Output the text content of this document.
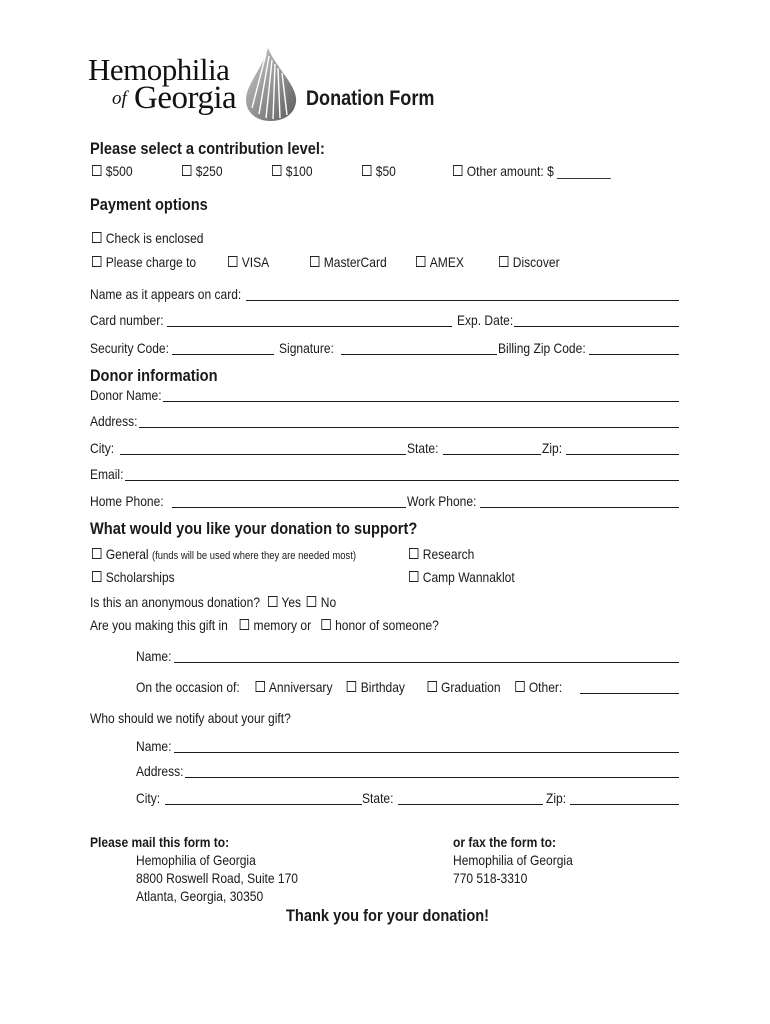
Hemophilia
of Georgia	Donation Form
Please select a contribution level:
$500	$250	$100	$50	Other amount: $ ________
Payment options
Check is enclosed
Please charge to	VISA	MasterCard	AMEX	Discover
Name as it appears on card:
Card number:	Exp. Date:
Security Code:	Signature:	Billing Zip Code:
Donor information
Donor Name:
Address:
City:	State:	Zip:
Email:
Home Phone:	Work Phone:
What would you like your donation to support?
General (funds will be used where they are needed most)	Research
Scholarships	Camp Wannaklot
Is this an anonymous donation? Yes No
Are you making this gift in memory or honor of someone?
Name:
On the occasion of: Anniversary Birthday	Graduation Other:
Who should we notify about your gift?
Name:
Address:
City:	State:	Zip:
Please mail this form to:
Hemophilia of Georgia
8800 Roswell Road, Suite 170
Atlanta, Georgia, 30350
or fax the form to:
Hemophilia of Georgia
770 518-3310
Thank you for your donation!
